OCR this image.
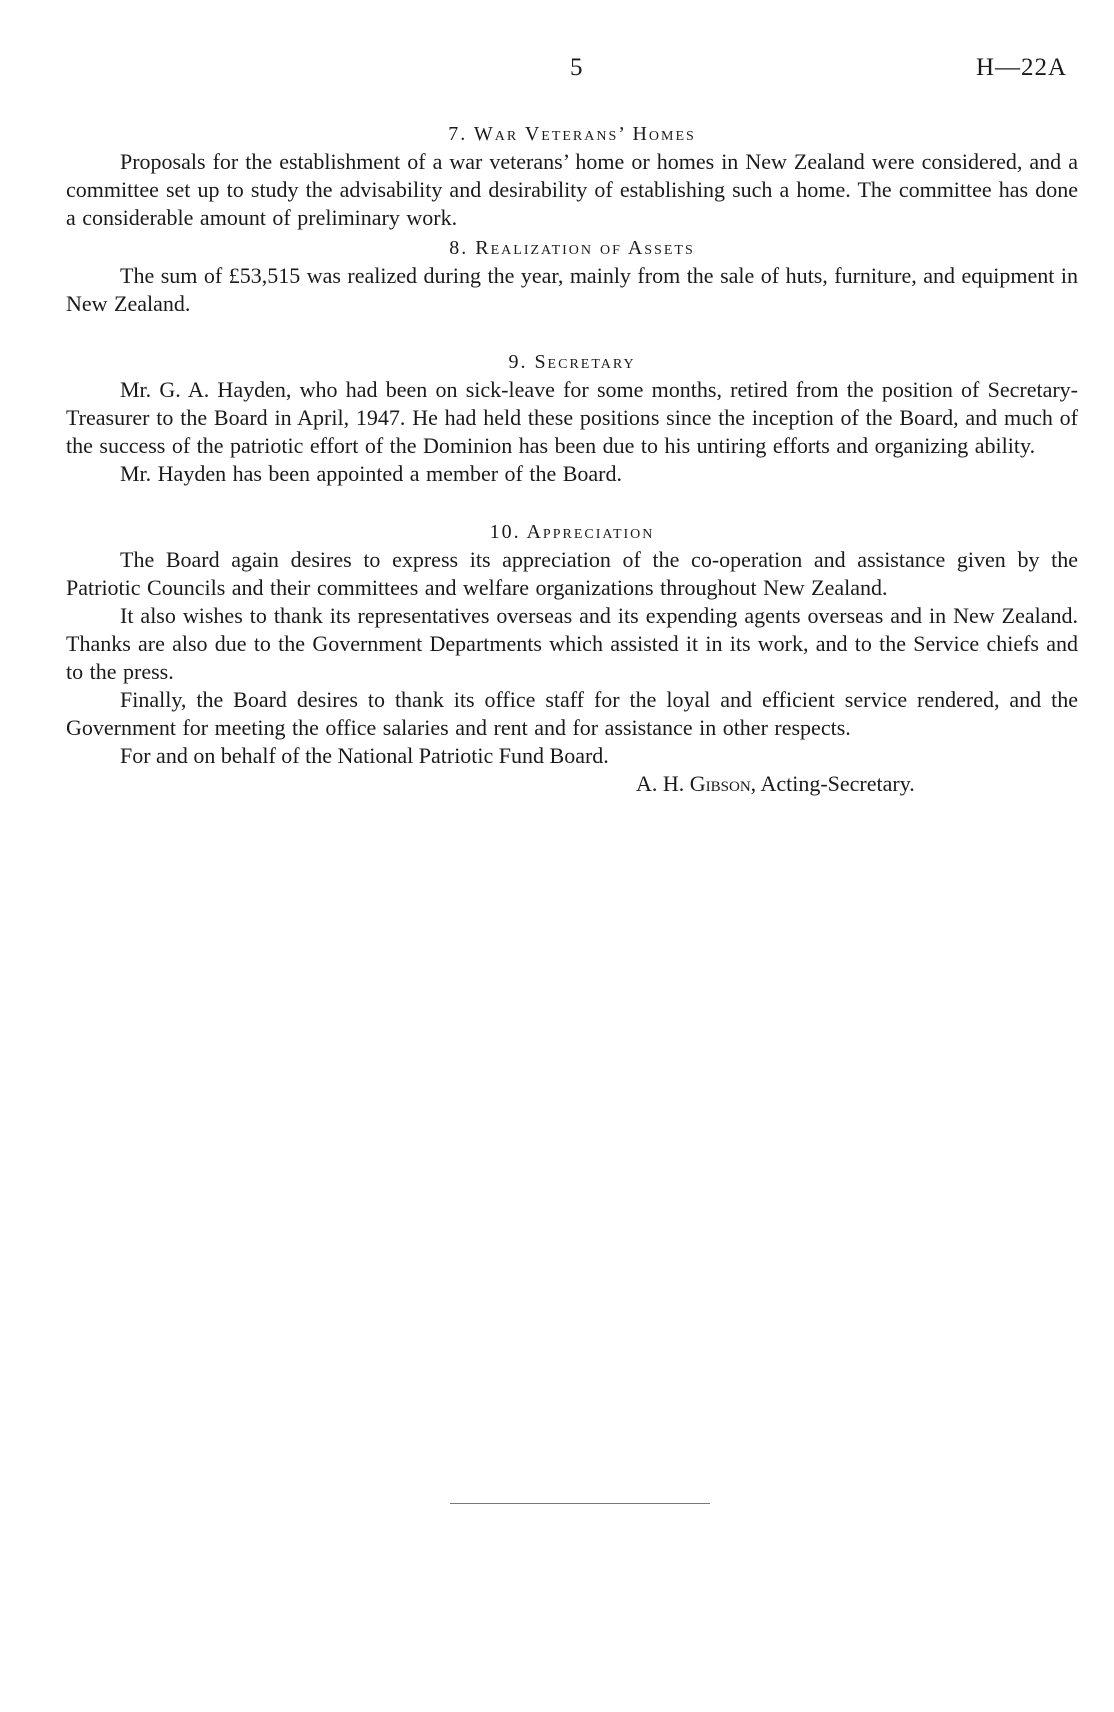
5	H—22A

7. War Veterans’ Homes

Proposals for the establishment of a war veterans’ home or homes in New Zealand were considered, and a committee set up to study the advisability and desirability of establishing such a home. The committee has done a considerable amount of preliminary work.

8. Realization of Assets

The sum of £53,515 was realized during the year, mainly from the sale of huts, furniture, and equipment in New Zealand.

9. Secretary

Mr. G. A. Hayden, who had been on sick-leave for some months, retired from the position of Secretary-Treasurer to the Board in April, 1947. He had held these positions since the inception of the Board, and much of the success of the patriotic effort of the Dominion has been due to his untiring efforts and organizing ability.

Mr. Hayden has been appointed a member of the Board.

10. Appreciation

The Board again desires to express its appreciation of the co-operation and assistance given by the Patriotic Councils and their committees and welfare organizations throughout New Zealand.

It also wishes to thank its representatives overseas and its expending agents overseas and in New Zealand. Thanks are also due to the Government Departments which assisted it in its work, and to the Service chiefs and to the press.

Finally, the Board desires to thank its office staff for the loyal and efficient service rendered, and the Government for meeting the office salaries and rent and for assistance in other respects.

For and on behalf of the National Patriotic Fund Board.

A. H. Gibson, Acting-Secretary.
